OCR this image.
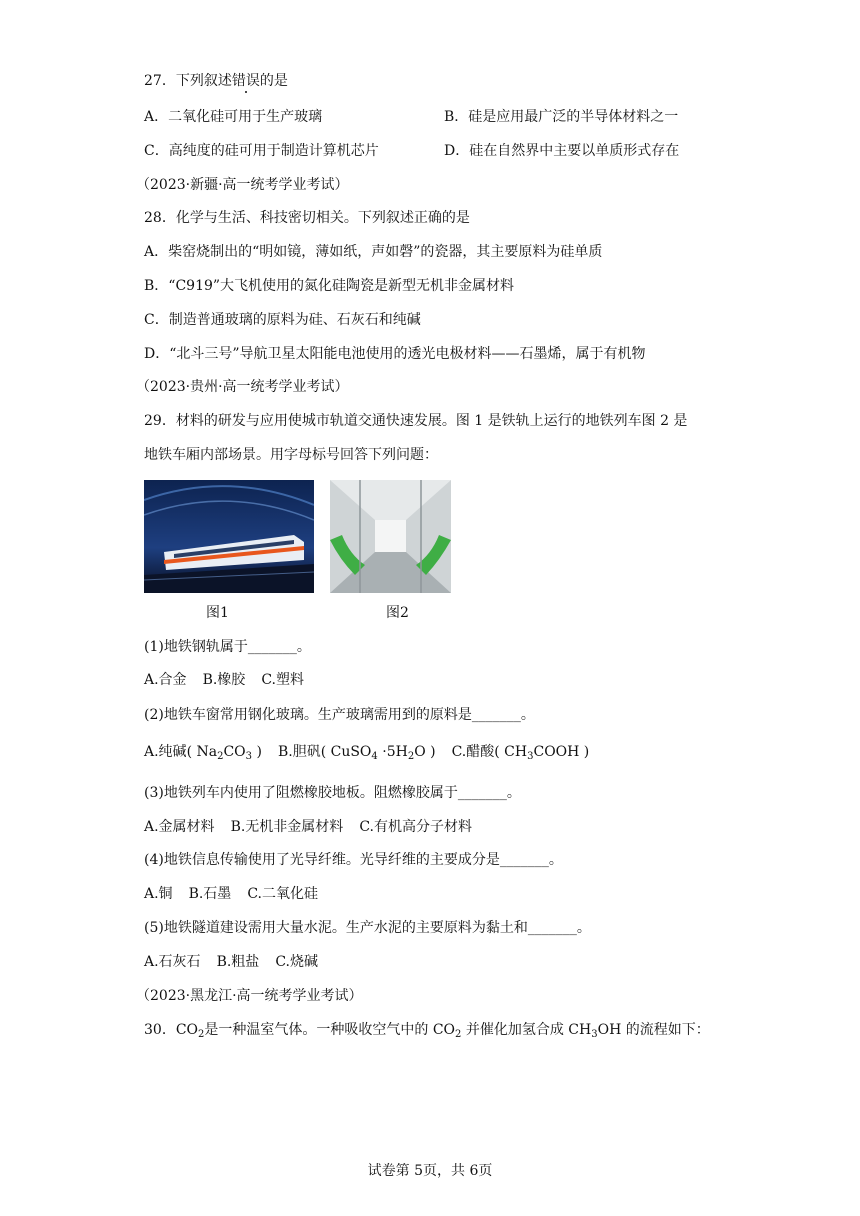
27．下列叙述错误的是
A．二氧化硅可用于生产玻璃	B．硅是应用最广泛的半导体材料之一
C．高纯度的硅可用于制造计算机芯片	D．硅在自然界中主要以单质形式存在
（2023·新疆·高一统考学业考试）
28．化学与生活、科技密切相关。下列叙述正确的是
A．柴窑烧制出的“明如镜，薄如纸，声如磬”的瓷器，其主要原料为硅单质
B．“C919”大飞机使用的氮化硅陶瓷是新型无机非金属材料
C．制造普通玻璃的原料为硅、石灰石和纯碱
D．“北斗三号”导航卫星太阳能电池使用的透光电极材料——石墨烯，属于有机物
（2023·贵州·高一统考学业考试）
29．材料的研发与应用使城市轨道交通快速发展。图 1 是铁轨上运行的地铁列车图 2 是
地铁车厢内部场景。用字母标号回答下列问题：
图1	图2
(1)地铁钢轨属于_______。
A.合金 B.橡胶 C.塑料
(2)地铁车窗常用钢化玻璃。生产玻璃需用到的原料是_______。
A.纯碱( $Na_2CO_3$ ) B.胆矾( CuSO$_4$ $\cdot 5H_2O$ ) C.醋酸( $CH_3COOH$ )
(3)地铁列车内使用了阻燃橡胶地板。阻燃橡胶属于_______。
A.金属材料 B.无机非金属材料 C.有机高分子材料
(4)地铁信息传输使用了光导纤维。光导纤维的主要成分是_______。
A.铜 B.石墨 C.二氧化硅
(5)地铁隧道建设需用大量水泥。生产水泥的主要原料为黏土和_______。
A.石灰石 B.粗盐 C.烧碱
（2023·黑龙江·高一统考学业考试）
30．$CO_2$是一种温室气体。一种吸收空气中的 $CO_2$ 并催化加氢合成 $CH_3OH$ 的流程如下：
试卷第 5页，共 6页
